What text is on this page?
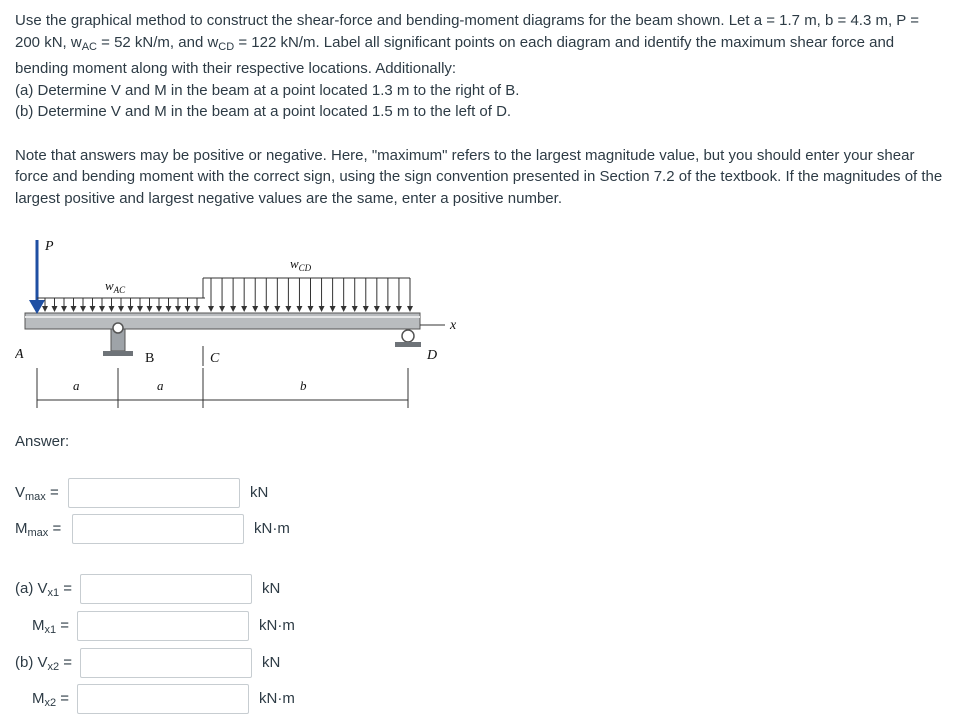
Use the graphical method to construct the shear-force and bending-moment diagrams for the beam shown. Let a = 1.7 m, b = 4.3 m, P = 200 kN, $w_{AC} = 52$ kN/m, and $w_{CD} = 122$ kN/m. Label all significant points on each diagram and identify the maximum shear force and bending moment along with their respective locations. Additionally:

(a) Determine V and M in the beam at a point located 1.3 m to the right of B.

(b) Determine V and M in the beam at a point located 1.5 m to the left of D.

Note that answers may be positive or negative. Here, "maximum" refers to the largest magnitude value, but you should enter your shear force and bending moment with the correct sign, using the sign convention presented in Section 7.2 of the textbook. If the magnitudes of the largest positive and largest negative values are the same, enter a positive number.

x
P
$w_{AC}$
$w_{CD}$
A	B	C	D
a	a	b
Answer:
$V_{max}$ =	kN
$M_{max}$ =	kN·m
(a) $V_{x1}$ =	kN
$M_{x1}$ =	kN·m
(b) $V_{x2}$ =	kN
$M_{x2}$ =	kN·m
